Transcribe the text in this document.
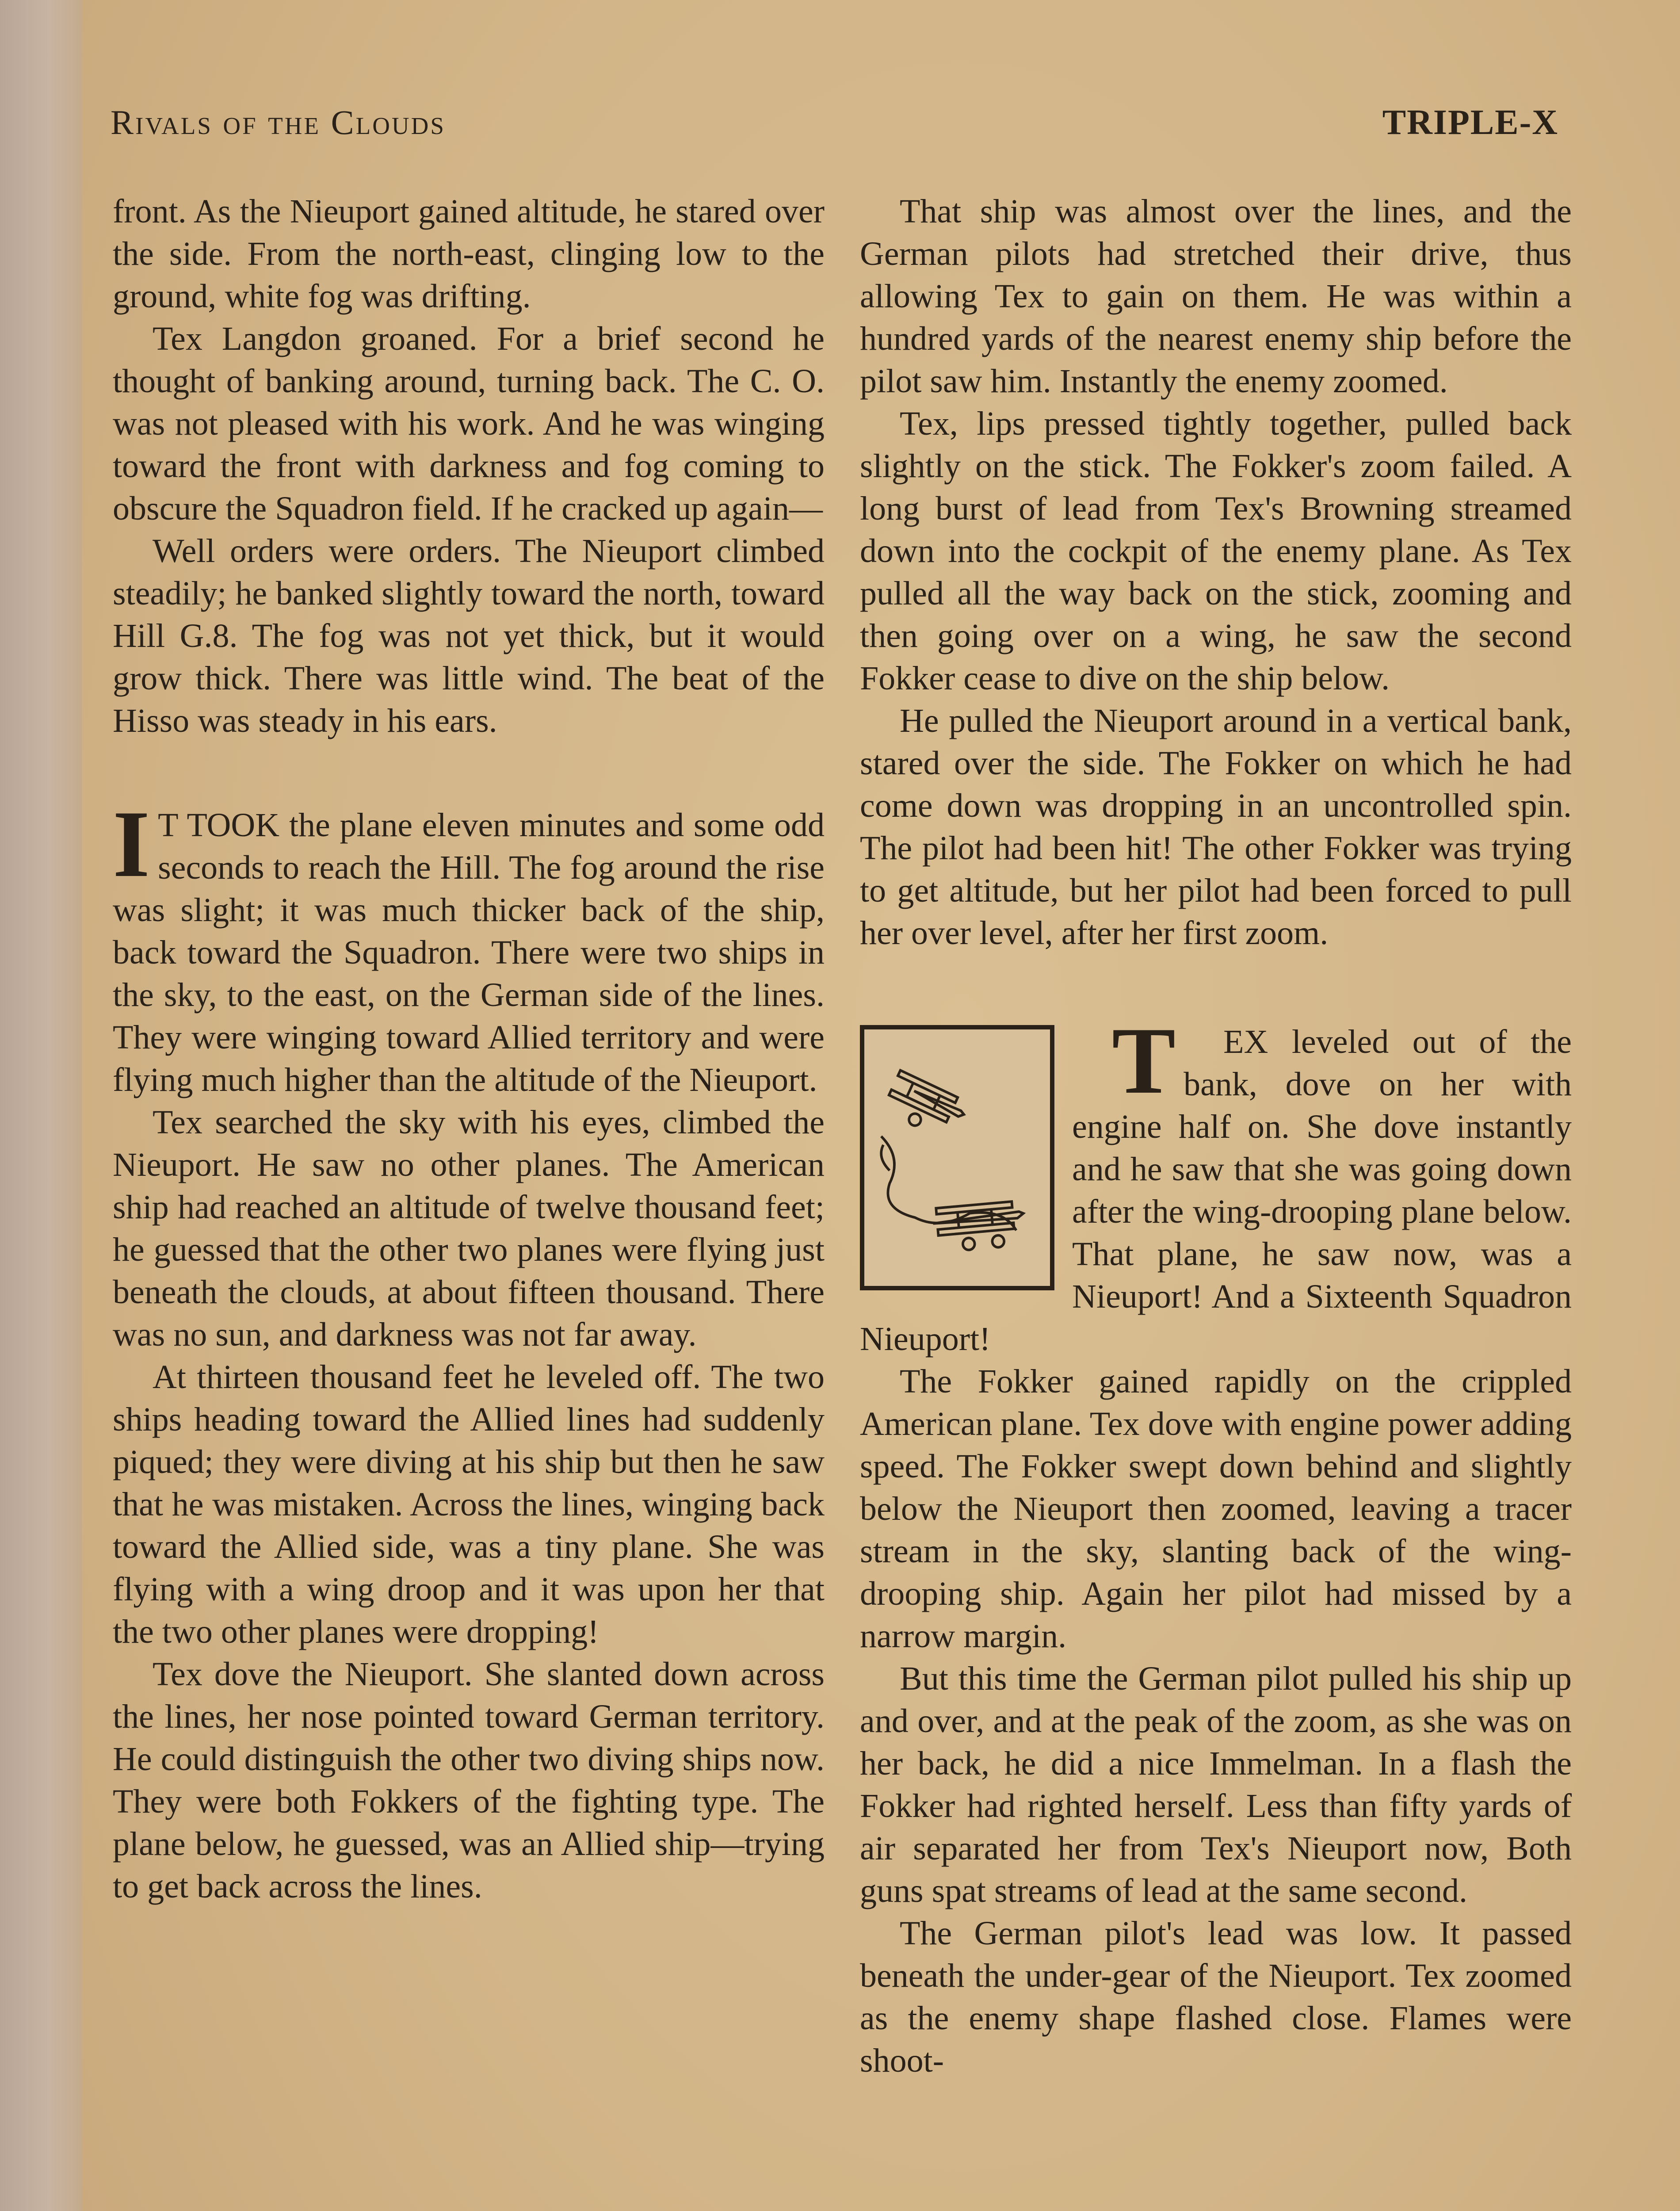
Rivals of the Clouds	TRIPLE-X

front. As the Nieuport gained altitude, he stared over the side. From the north-east, clinging low to the ground, white fog was drifting.

Tex Langdon groaned. For a brief second he thought of banking around, turning back. The C. O. was not pleased with his work. And he was winging toward the front with darkness and fog coming to obscure the Squadron field. If he cracked up again—

Well orders were orders. The Nieuport climbed steadily; he banked slightly toward the north, toward Hill G.8. The fog was not yet thick, but it would grow thick. There was little wind. The beat of the Hisso was steady in his ears.

I T TOOK the plane eleven minutes and some odd seconds to reach the Hill. The fog around the rise was slight; it was much thicker back of the ship, back toward the Squadron. There were two ships in the sky, to the east, on the German side of the lines. They were winging toward Allied territory and were flying much higher than the altitude of the Nieuport.

Tex searched the sky with his eyes, climbed the Nieuport. He saw no other planes. The American ship had reached an altitude of twelve thousand feet; he guessed that the other two planes were flying just beneath the clouds, at about fifteen thousand. There was no sun, and darkness was not far away.

At thirteen thousand feet he leveled off. The two ships heading toward the Allied lines had suddenly piqued; they were diving at his ship but then he saw that he was mistaken. Across the lines, winging back toward the Allied side, was a tiny plane. She was flying with a wing droop and it was upon her that the two other planes were dropping!

Tex dove the Nieuport. She slanted down across the lines, her nose pointed toward German territory. He could distinguish the other two diving ships now. They were both Fokkers of the fighting type. The plane below, he guessed, was an Allied ship—trying to get back across the lines.

That ship was almost over the lines, and the German pilots had stretched their drive, thus allowing Tex to gain on them. He was within a hundred yards of the nearest enemy ship before the pilot saw him. Instantly the enemy zoomed.

Tex, lips pressed tightly together, pulled back slightly on the stick. The Fokker's zoom failed. A long burst of lead from Tex's Browning streamed down into the cockpit of the enemy plane. As Tex pulled all the way back on the stick, zooming and then going over on a wing, he saw the second Fokker cease to dive on the ship below.

He pulled the Nieuport around in a vertical bank, stared over the side. The Fokker on which he had come down was dropping in an uncontrolled spin. The pilot had been hit! The other Fokker was trying to get altitude, but her pilot had been forced to pull her over level, after her first zoom.

T EX leveled out of the bank, dove on her with engine half on. She dove instantly and he saw that she was going down after the wing-drooping plane below. That plane, he saw now, was a Nieuport! And a Sixteenth Squadron Nieuport!

The Fokker gained rapidly on the crippled American plane. Tex dove with engine power adding speed. The Fokker swept down behind and slightly below the Nieuport then zoomed, leaving a tracer stream in the sky, slanting back of the wing-drooping ship. Again her pilot had missed by a narrow margin.

But this time the German pilot pulled his ship up and over, and at the peak of the zoom, as she was on her back, he did a nice Immelman. In a flash the Fokker had righted herself. Less than fifty yards of air separated her from Tex's Nieuport now, Both guns spat streams of lead at the same second.

The German pilot's lead was low. It passed beneath the under-gear of the Nieuport. Tex zoomed as the enemy shape flashed close. Flames were shoot-
